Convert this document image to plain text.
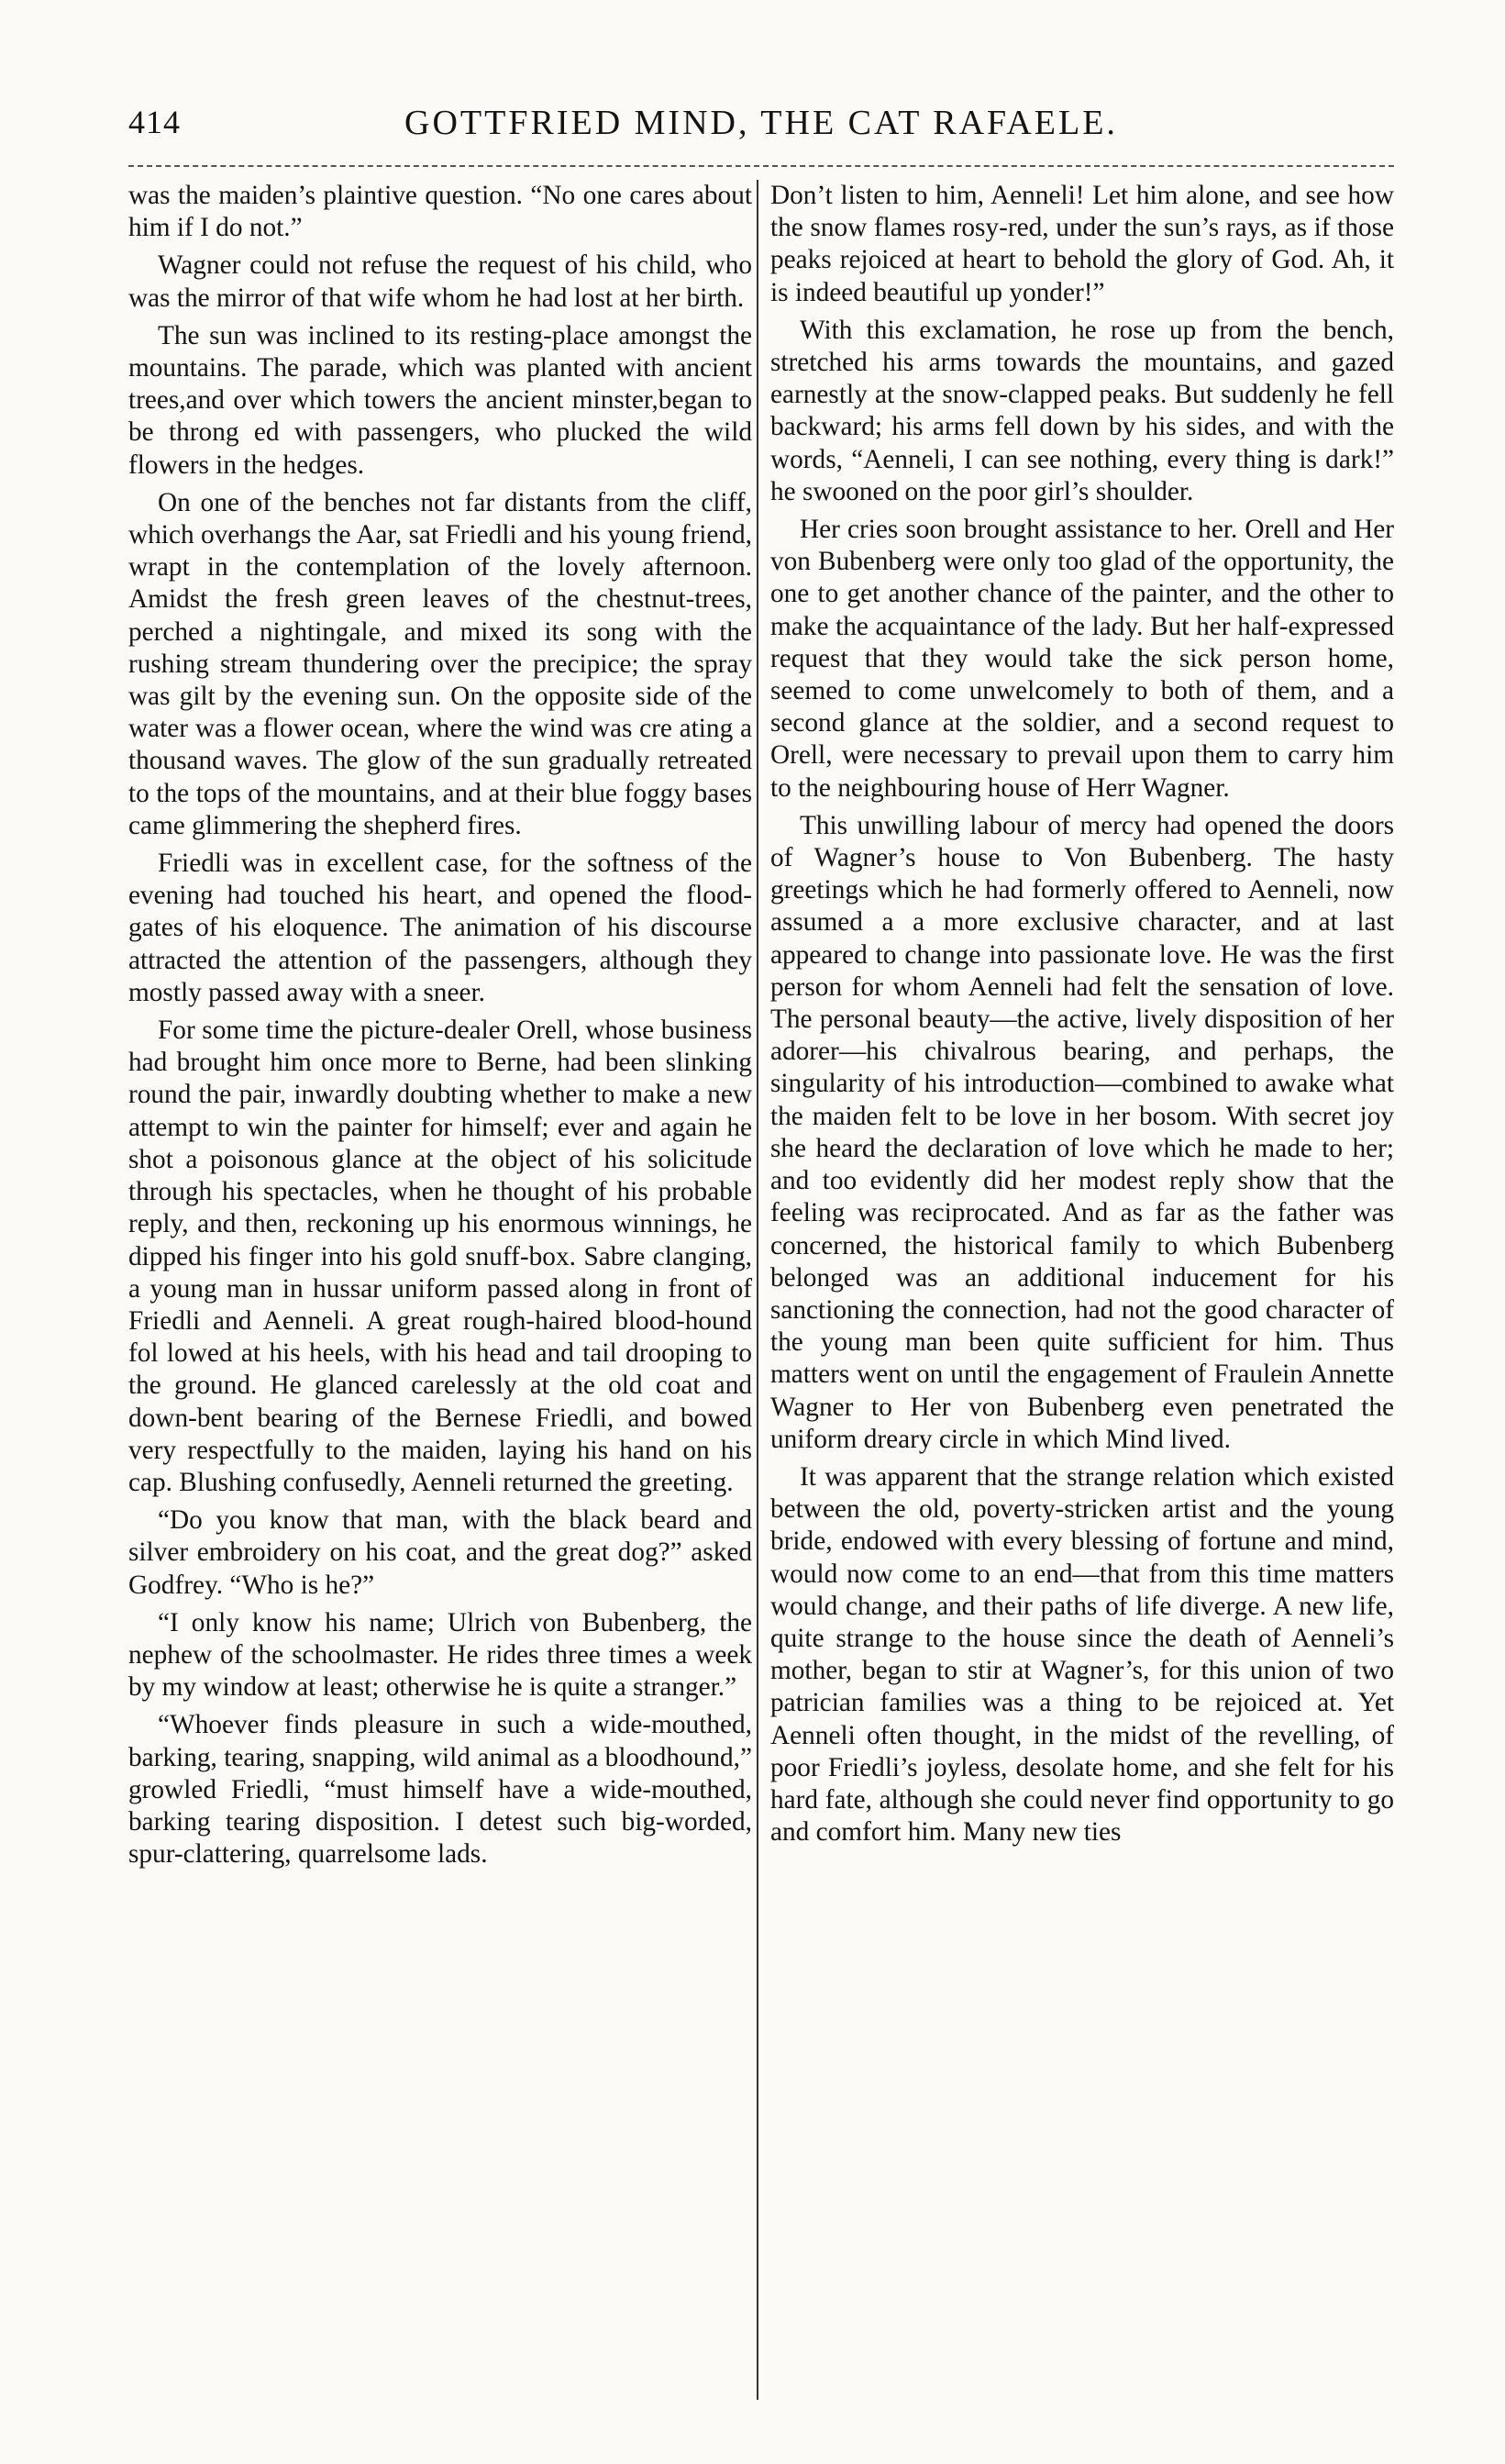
414	GOTTFRIED MIND, THE CAT RAFAELE.

was the maiden’s plaintive question. “No one cares about him if I do not.”

Wagner could not refuse the request of his child, who was the mirror of that wife whom he had lost at her birth.

The sun was inclined to its resting-place amongst the mountains. The parade, which was planted with ancient trees,and over which towers the ancient minster,began to be throng ed with passengers, who plucked the wild flowers in the hedges.

On one of the benches not far distants from the cliff, which overhangs the Aar, sat Friedli and his young friend, wrapt in the contemplation of the lovely afternoon. Amidst the fresh green leaves of the chestnut-trees, perched a nightingale, and mixed its song with the rushing stream thundering over the precipice; the spray was gilt by the evening sun. On the opposite side of the water was a flower ocean, where the wind was cre ating a thousand waves. The glow of the sun gradually retreated to the tops of the mountains, and at their blue foggy bases came glimmering the shepherd fires.

Friedli was in excellent case, for the softness of the evening had touched his heart, and opened the flood-gates of his eloquence. The animation of his discourse attracted the attention of the passengers, although they mostly passed away with a sneer.

For some time the picture-dealer Orell, whose business had brought him once more to Berne, had been slinking round the pair, inwardly doubting whether to make a new attempt to win the painter for himself; ever and again he shot a poisonous glance at the object of his solicitude through his spectacles, when he thought of his probable reply, and then, reckoning up his enormous winnings, he dipped his finger into his gold snuff-box. Sabre clanging, a young man in hussar uniform passed along in front of Friedli and Aenneli. A great rough-haired blood-hound fol lowed at his heels, with his head and tail drooping to the ground. He glanced carelessly at the old coat and down-bent bearing of the Bernese Friedli, and bowed very respectfully to the maiden, laying his hand on his cap. Blushing confusedly, Aenneli returned the greeting.

“Do you know that man, with the black beard and silver embroidery on his coat, and the great dog?” asked Godfrey. “Who is he?”

“I only know his name; Ulrich von Bubenberg, the nephew of the schoolmaster. He rides three times a week by my window at least; otherwise he is quite a stranger.”

“Whoever finds pleasure in such a wide-mouthed, barking, tearing, snapping, wild animal as a bloodhound,” growled Friedli, “must himself have a wide-mouthed, barking tearing disposition. I detest such big-worded, spur-clattering, quarrelsome lads.

Don’t listen to him, Aenneli! Let him alone, and see how the snow flames rosy-red, under the sun’s rays, as if those peaks rejoiced at heart to behold the glory of God. Ah, it is indeed beautiful up yonder!”

With this exclamation, he rose up from the bench, stretched his arms towards the mountains, and gazed earnestly at the snow-clapped peaks. But suddenly he fell backward; his arms fell down by his sides, and with the words, “Aenneli, I can see nothing, every thing is dark!” he swooned on the poor girl’s shoulder.

Her cries soon brought assistance to her. Orell and Her von Bubenberg were only too glad of the opportunity, the one to get another chance of the painter, and the other to make the acquaintance of the lady. But her half-expressed request that they would take the sick person home, seemed to come unwelcomely to both of them, and a second glance at the soldier, and a second request to Orell, were necessary to prevail upon them to carry him to the neighbouring house of Herr Wagner.

This unwilling labour of mercy had opened the doors of Wagner’s house to Von Bubenberg. The hasty greetings which he had formerly offered to Aenneli, now assumed a a more exclusive character, and at last appeared to change into passionate love. He was the first person for whom Aenneli had felt the sensation of love. The personal beauty—the active, lively disposition of her adorer—his chivalrous bearing, and perhaps, the singularity of his introduction—combined to awake what the maiden felt to be love in her bosom. With secret joy she heard the declaration of love which he made to her; and too evidently did her modest reply show that the feeling was reciprocated. And as far as the father was concerned, the historical family to which Bubenberg belonged was an additional inducement for his sanctioning the connection, had not the good character of the young man been quite sufficient for him. Thus matters went on until the engagement of Fraulein Annette Wagner to Her von Bubenberg even penetrated the uniform dreary circle in which Mind lived.

It was apparent that the strange relation which existed between the old, poverty-stricken artist and the young bride, endowed with every blessing of fortune and mind, would now come to an end—that from this time matters would change, and their paths of life diverge. A new life, quite strange to the house since the death of Aenneli’s mother, began to stir at Wagner’s, for this union of two patrician families was a thing to be rejoiced at. Yet Aenneli often thought, in the midst of the revelling, of poor Friedli’s joyless, desolate home, and she felt for his hard fate, although she could never find opportunity to go and comfort him. Many new ties
